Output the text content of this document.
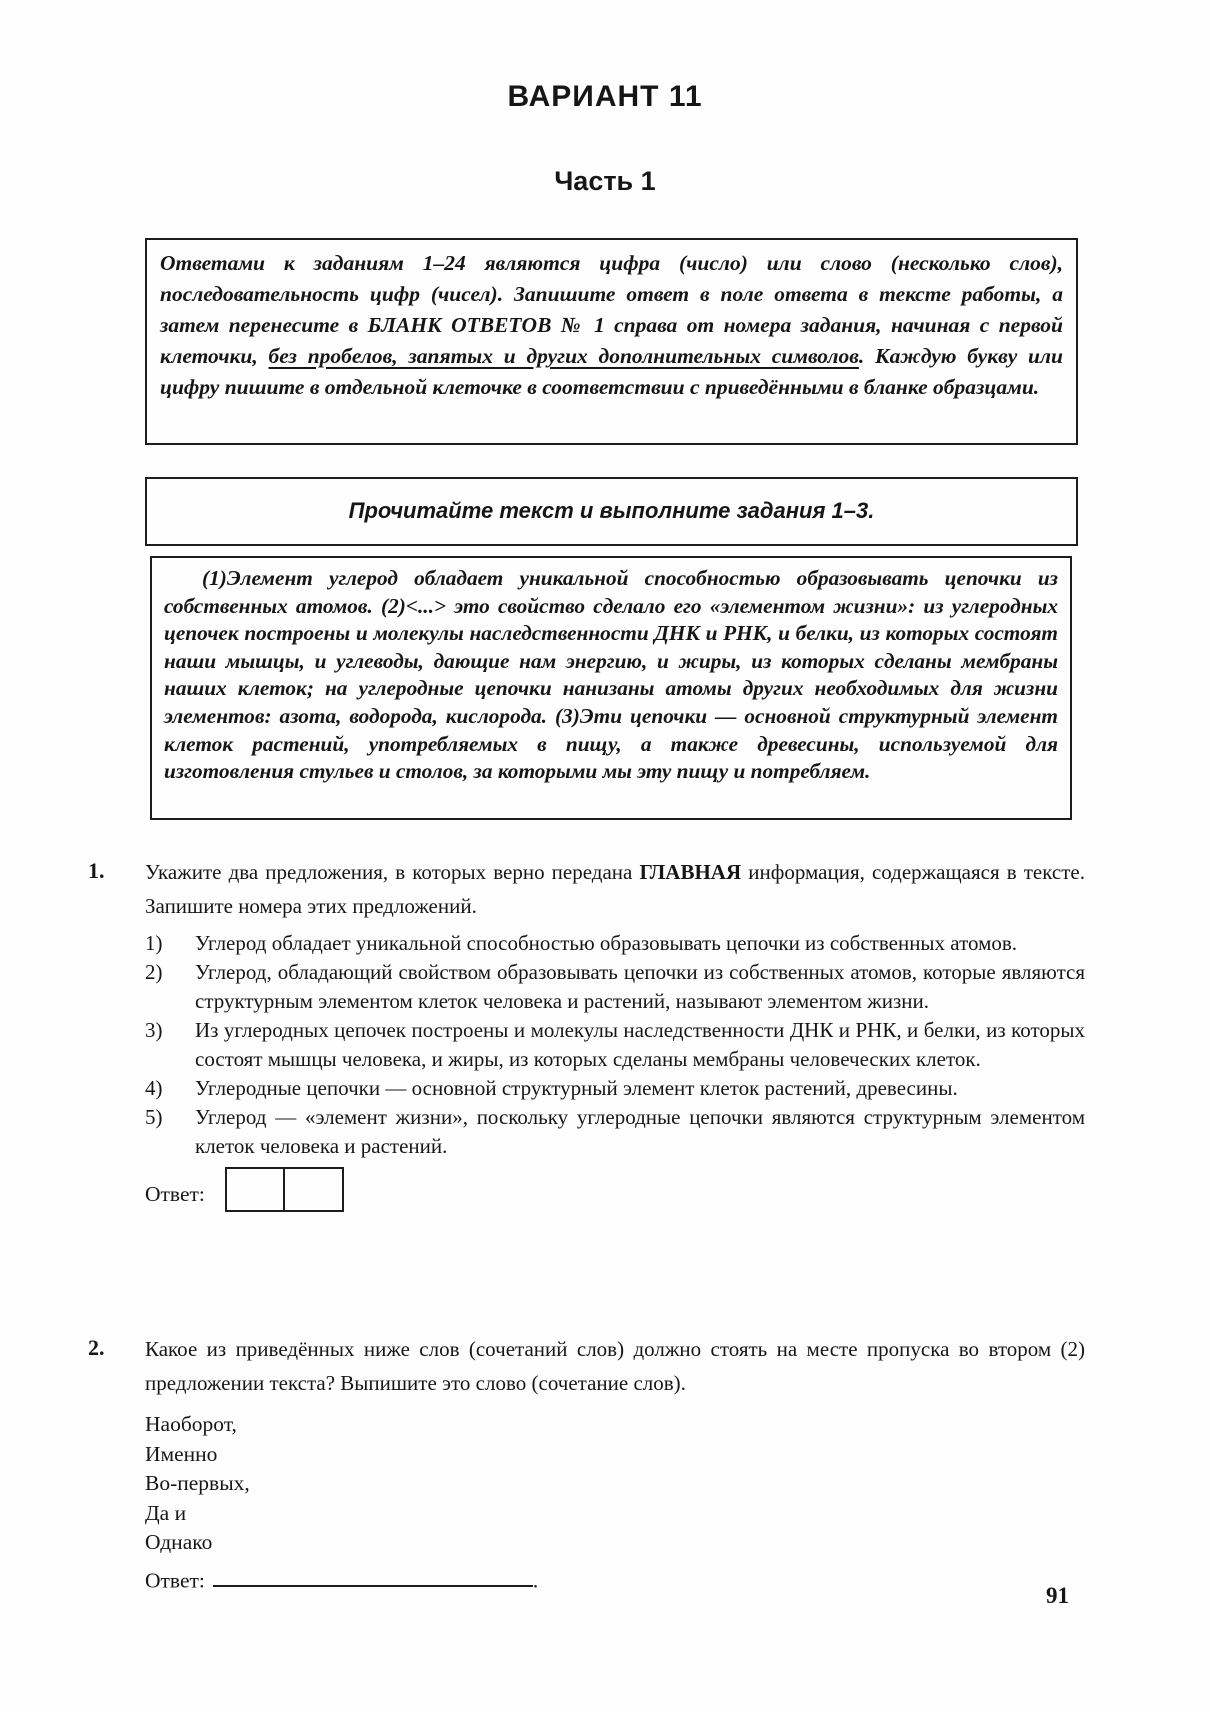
ВАРИАНТ 11
Часть 1

Ответами к заданиям 1–24 являются цифра (число) или слово (несколько слов), последовательность цифр (чисел). Запишите ответ в поле ответа в тексте работы, а затем перенесите в БЛАНК ОТВЕТОВ № 1 справа от номера задания, начиная с первой клеточки, без пробелов, запятых и других дополнительных символов. Каждую букву или цифру пишите в отдельной клеточке в соответствии с приведёнными в бланке образцами.

Прочитайте текст и выполните задания 1–3.

(1)Элемент углерод обладает уникальной способностью образовывать цепочки из собственных атомов. (2)<...> это свойство сделало его «элементом жизни»: из углеродных цепочек построены и молекулы наследственности ДНК и РНК, и белки, из которых состоят наши мышцы, и углеводы, дающие нам энергию, и жиры, из которых сделаны мембраны наших клеток; на углеродные цепочки нанизаны атомы других необходимых для жизни элементов: азота, водорода, кислорода. (3)Эти цепочки — основной структурный элемент клеток растений, употребляемых в пищу, а также древесины, используемой для изготовления стульев и столов, за которыми мы эту пищу и потребляем.

1.	Укажите два предложения, в которых верно передана ГЛАВНАЯ информация, содержащаяся в тексте. Запишите номера этих предложений.

1) Углерод обладает уникальной способностью образовывать цепочки из собственных атомов.
2) Углерод, обладающий свойством образовывать цепочки из собственных атомов, которые являются структурным элементом клеток человека и растений, называют элементом жизни.
3) Из углеродных цепочек построены и молекулы наследственности ДНК и РНК, и белки, из которых состоят мышцы человека, и жиры, из которых сделаны мембраны человеческих клеток.
4) Углеродные цепочки — основной структурный элемент клеток растений, древесины.
5) Углерод — «элемент жизни», поскольку углеродные цепочки являются структурным элементом клеток человека и растений.
Ответ:
2.	Какое из приведённых ниже слов (сочетаний слов) должно стоять на месте пропуска во втором (2) предложении текста? Выпишите это слово (сочетание слов).

Наоборот,
Именно
Во-первых,
Да и
Однако
Ответ:	.
91
